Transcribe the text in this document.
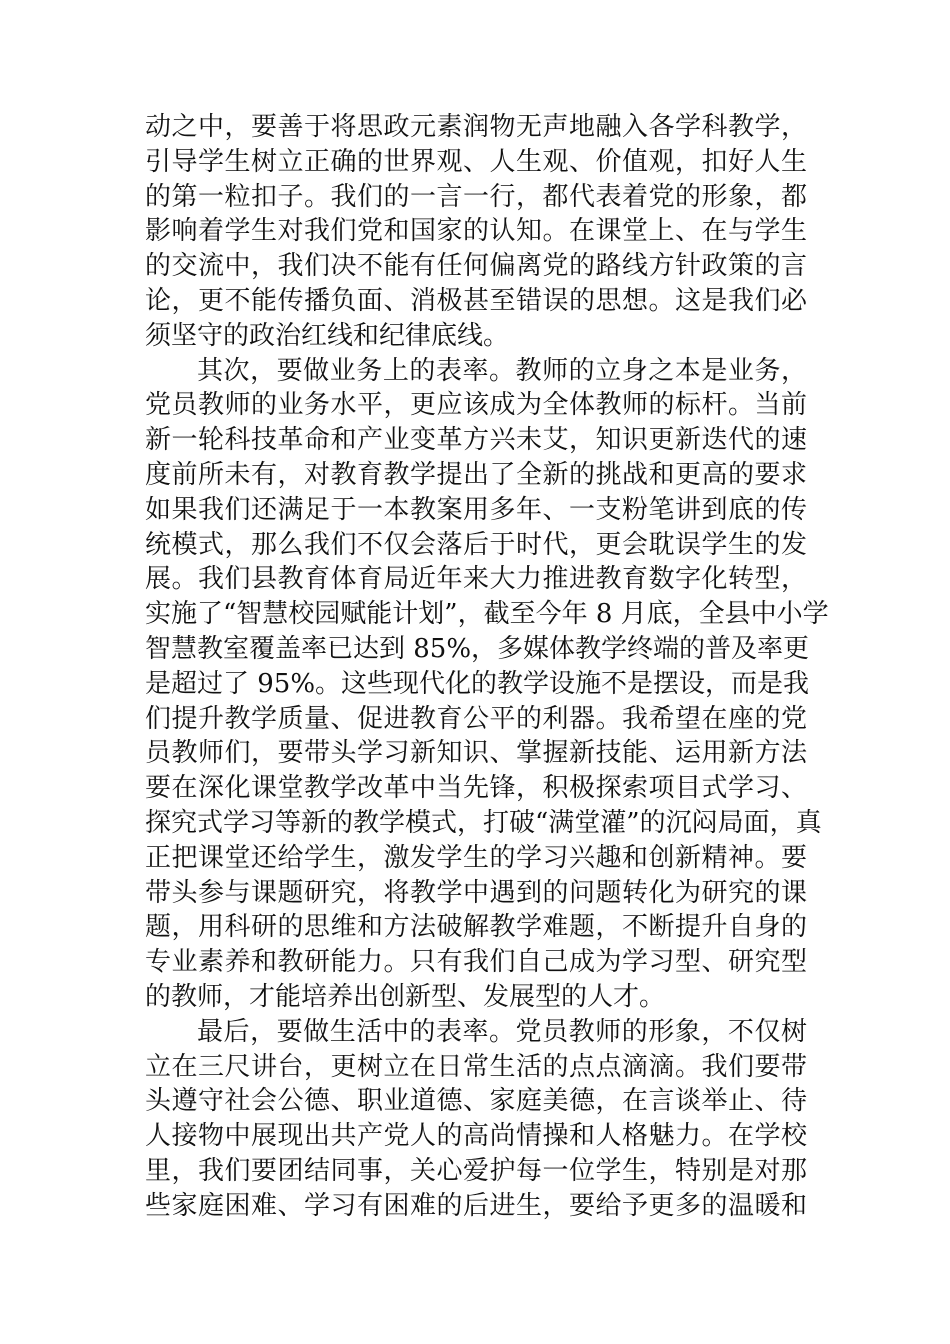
动之中，要善于将思政元素润物无声地融入各学科教学，
引导学生树立正确的世界观、人生观、价值观，扣好人生
的第一粒扣子。我们的一言一行，都代表着党的形象，都
影响着学生对我们党和国家的认知。在课堂上、在与学生
的交流中，我们决不能有任何偏离党的路线方针政策的言
论，更不能传播负面、消极甚至错误的思想。这是我们必
须坚守的政治红线和纪律底线。
其次，要做业务上的表率。教师的立身之本是业务，
党员教师的业务水平，更应该成为全体教师的标杆。当前
新一轮科技革命和产业变革方兴未艾，知识更新迭代的速
度前所未有，对教育教学提出了全新的挑战和更高的要求
如果我们还满足于一本教案用多年、一支粉笔讲到底的传
统模式，那么我们不仅会落后于时代，更会耽误学生的发
展。我们县教育体育局近年来大力推进教育数字化转型，
实施了“智慧校园赋能计划”，截至今年 8 月底，全县中小学
智慧教室覆盖率已达到 85%，多媒体教学终端的普及率更
是超过了 95%。这些现代化的教学设施不是摆设，而是我
们提升教学质量、促进教育公平的利器。我希望在座的党
员教师们，要带头学习新知识、掌握新技能、运用新方法
要在深化课堂教学改革中当先锋，积极探索项目式学习、
探究式学习等新的教学模式，打破“满堂灌”的沉闷局面，真
正把课堂还给学生，激发学生的学习兴趣和创新精神。要
带头参与课题研究，将教学中遇到的问题转化为研究的课
题，用科研的思维和方法破解教学难题，不断提升自身的
专业素养和教研能力。只有我们自己成为学习型、研究型
的教师，才能培养出创新型、发展型的人才。
最后，要做生活中的表率。党员教师的形象，不仅树
立在三尺讲台，更树立在日常生活的点点滴滴。我们要带
头遵守社会公德、职业道德、家庭美德，在言谈举止、待
人接物中展现出共产党人的高尚情操和人格魅力。在学校
里，我们要团结同事，关心爱护每一位学生，特别是对那
些家庭困难、学习有困难的后进生，要给予更多的温暖和
